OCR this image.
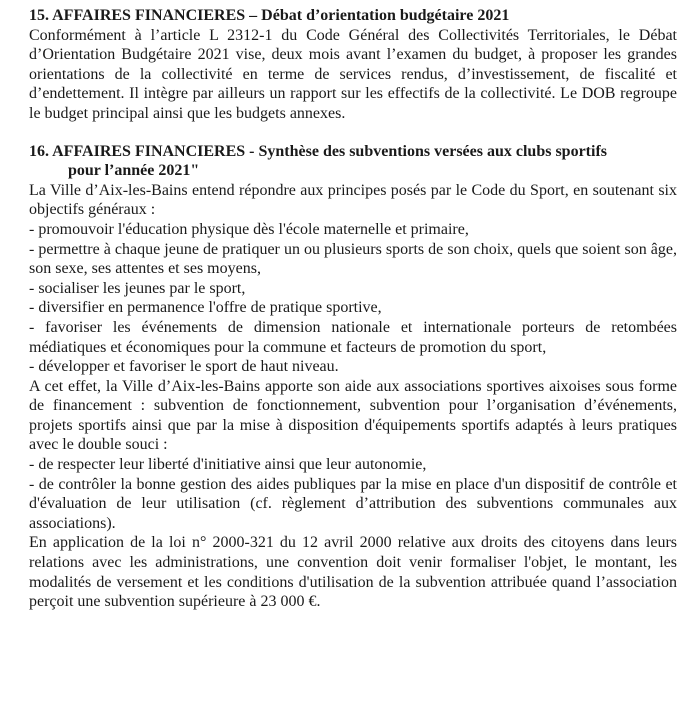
15. AFFAIRES FINANCIERES – Débat d’orientation budgétaire 2021

Conformément à l’article L 2312-1 du Code Général des Collectivités Territoriales, le Débat d’Orientation Budgétaire 2021 vise, deux mois avant l’examen du budget, à proposer les grandes orientations de la collectivité en terme de services rendus, d’investissement, de fiscalité et d’endettement. Il intègre par ailleurs un rapport sur les effectifs de la collectivité. Le DOB regroupe le budget principal ainsi que les budgets annexes.

16. AFFAIRES FINANCIERES - Synthèse des subventions versées aux clubs sportifs
pour l’année 2021"

La Ville d’Aix-les-Bains entend répondre aux principes posés par le Code du Sport, en soutenant six objectifs généraux :

- promouvoir l'éducation physique dès l'école maternelle et primaire,

- permettre à chaque jeune de pratiquer un ou plusieurs sports de son choix, quels que soient son âge, son sexe, ses attentes et ses moyens,

- socialiser les jeunes par le sport,

- diversifier en permanence l'offre de pratique sportive,

- favoriser les événements de dimension nationale et internationale porteurs de retombées médiatiques et économiques pour la commune et facteurs de promotion du sport,

- développer et favoriser le sport de haut niveau.

A cet effet, la Ville d’Aix-les-Bains apporte son aide aux associations sportives aixoises sous forme de financement : subvention de fonctionnement, subvention pour l’organisation d’événements, projets sportifs ainsi que par la mise à disposition d'équipements sportifs adaptés à leurs pratiques avec le double souci :

- de respecter leur liberté d'initiative ainsi que leur autonomie,

- de contrôler la bonne gestion des aides publiques par la mise en place d'un dispositif de contrôle et d'évaluation de leur utilisation (cf. règlement d’attribution des subventions communales aux associations).

En application de la loi n° 2000-321 du 12 avril 2000 relative aux droits des citoyens dans leurs relations avec les administrations, une convention doit venir formaliser l'objet, le montant, les modalités de versement et les conditions d'utilisation de la subvention attribuée quand l’association perçoit une subvention supérieure à 23 000 €.
